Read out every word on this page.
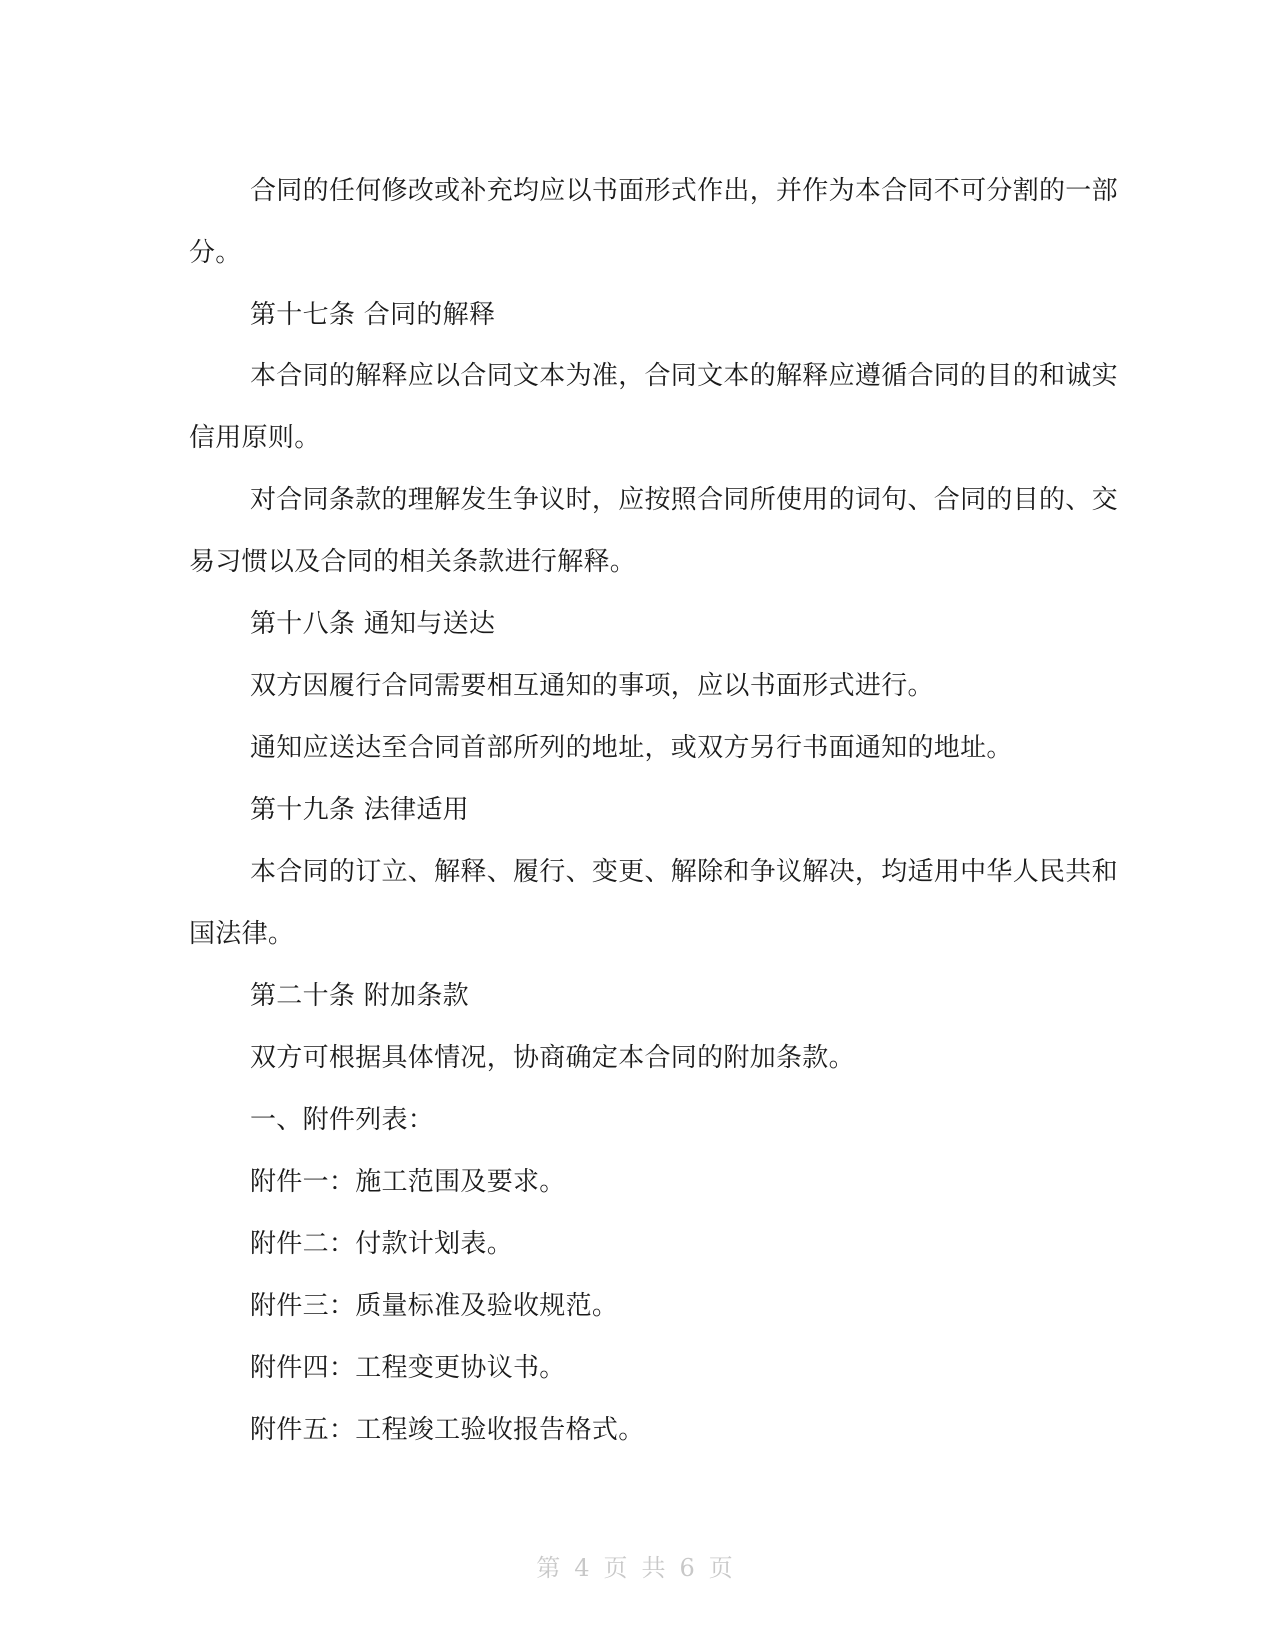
合同的任何修改或补充均应以书面形式作出，并作为本合同不可分割的一部
分。
第十七条 合同的解释
本合同的解释应以合同文本为准，合同文本的解释应遵循合同的目的和诚实
信用原则。
对合同条款的理解发生争议时，应按照合同所使用的词句、合同的目的、交
易习惯以及合同的相关条款进行解释。
第十八条 通知与送达
双方因履行合同需要相互通知的事项，应以书面形式进行。
通知应送达至合同首部所列的地址，或双方另行书面通知的地址。
第十九条 法律适用
本合同的订立、解释、履行、变更、解除和争议解决，均适用中华人民共和
国法律。
第二十条 附加条款
双方可根据具体情况，协商确定本合同的附加条款。
一、附件列表：
附件一：施工范围及要求。
附件二：付款计划表。
附件三：质量标准及验收规范。
附件四：工程变更协议书。
附件五：工程竣工验收报告格式。
第 4 页 共 6 页
